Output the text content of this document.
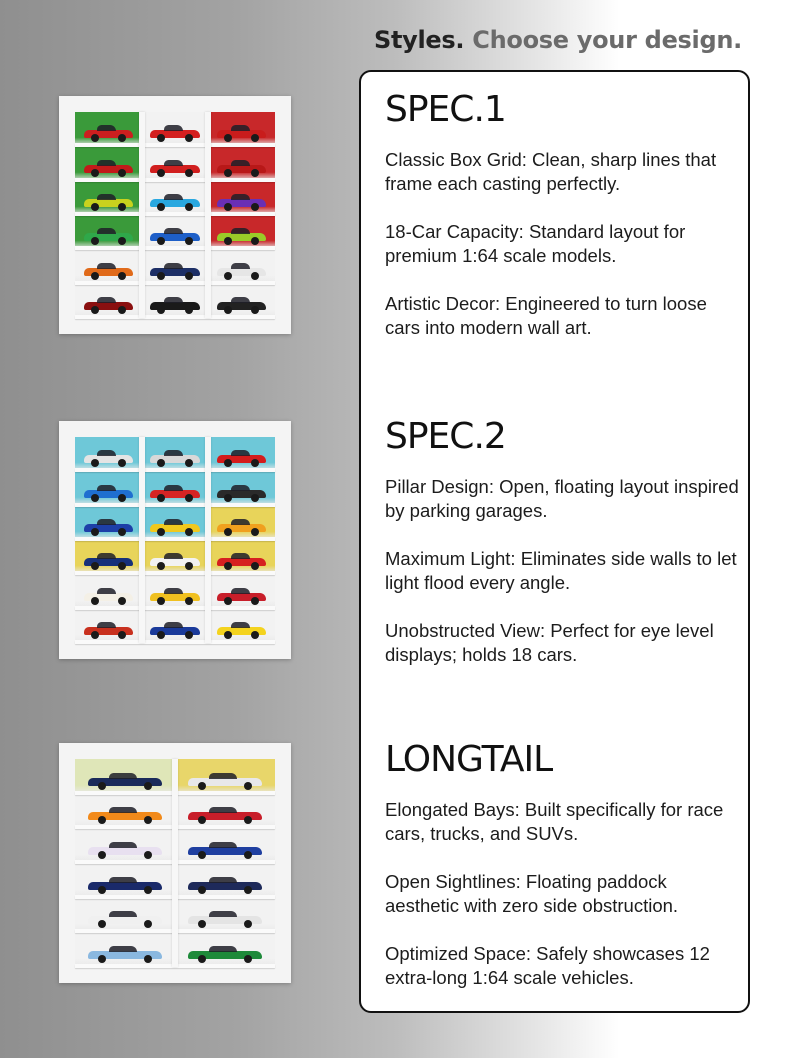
Styles. Choose your design.
SPEC.1
Classic Box Grid: Clean, sharp lines that frame each casting perfectly.
18-Car Capacity: Standard layout for premium 1:64 scale models.
Artistic Decor: Engineered to turn loose cars into modern wall art.
SPEC.2
Pillar Design: Open, floating layout inspired by parking garages.
Maximum Light: Eliminates side walls to let light flood every angle.
Unobstructed View: Perfect for eye level displays; holds 18 cars.
LONGTAIL
Elongated Bays: Built specifically for race cars, trucks, and SUVs.
Open Sightlines: Floating paddock aesthetic with zero side obstruction.
Optimized Space: Safely showcases 12 extra-long 1:64 scale vehicles.
